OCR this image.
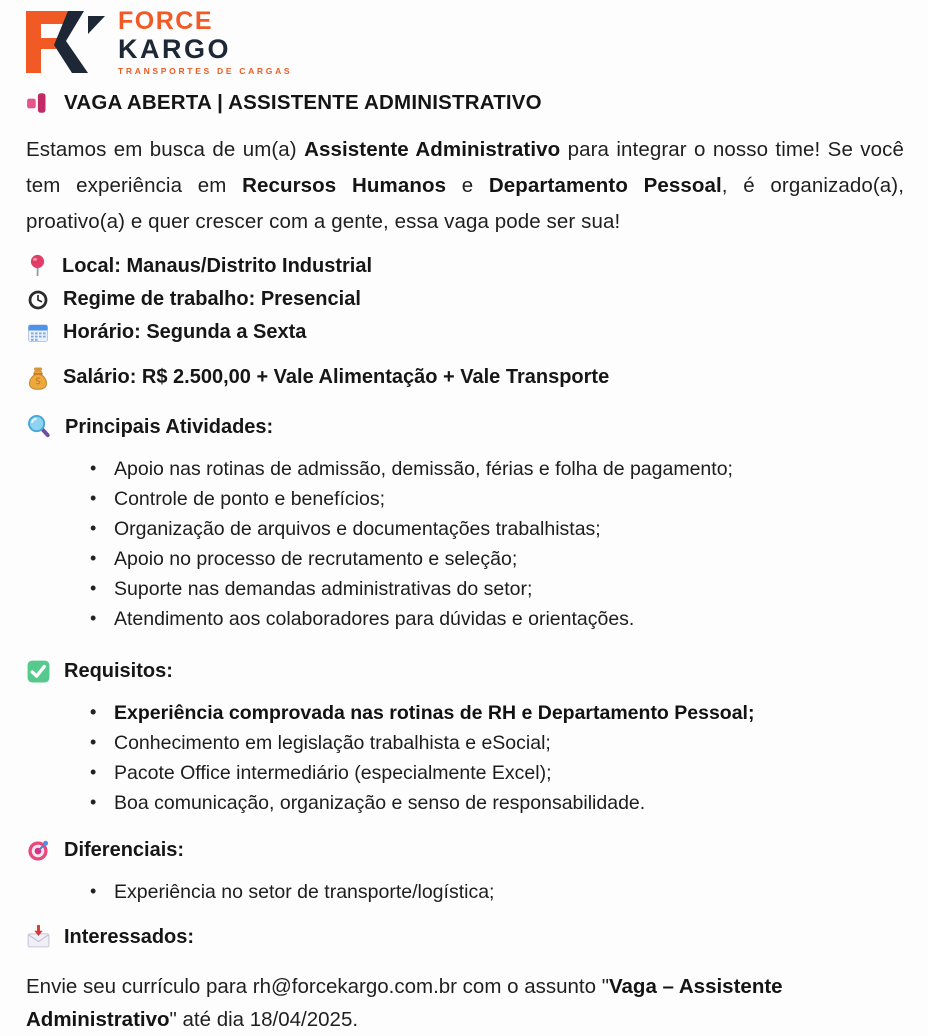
FORCE
KARGO
TRANSPORTES DE CARGAS
VAGA ABERTA | ASSISTENTE ADMINISTRATIVO

Estamos em busca de um(a) Assistente Administrativo para integrar o nosso time! Se você tem experiência em Recursos Humanos e Departamento Pessoal, é organizado(a), proativo(a) e quer crescer com a gente, essa vaga pode ser sua!

Local: Manaus/Distrito Industrial
Regime de trabalho: Presencial
Horário: Segunda a Sexta
Salário: R$ 2.500,00 + Vale Alimentação + Vale Transporte
Principais Atividades:
• Apoio nas rotinas de admissão, demissão, férias e folha de pagamento;
• Controle de ponto e benefícios;
• Organização de arquivos e documentações trabalhistas;
• Apoio no processo de recrutamento e seleção;
• Suporte nas demandas administrativas do setor;
• Atendimento aos colaboradores para dúvidas e orientações.
Requisitos:
• Experiência comprovada nas rotinas de RH e Departamento Pessoal;
• Conhecimento em legislação trabalhista e eSocial;
• Pacote Office intermediário (especialmente Excel);
• Boa comunicação, organização e senso de responsabilidade.
Diferenciais:
• Experiência no setor de transporte/logística;
Interessados:

Envie seu currículo para rh@forcekargo.com.br com o assunto "Vaga – Assistente Administrativo" até dia 18/04/2025.
